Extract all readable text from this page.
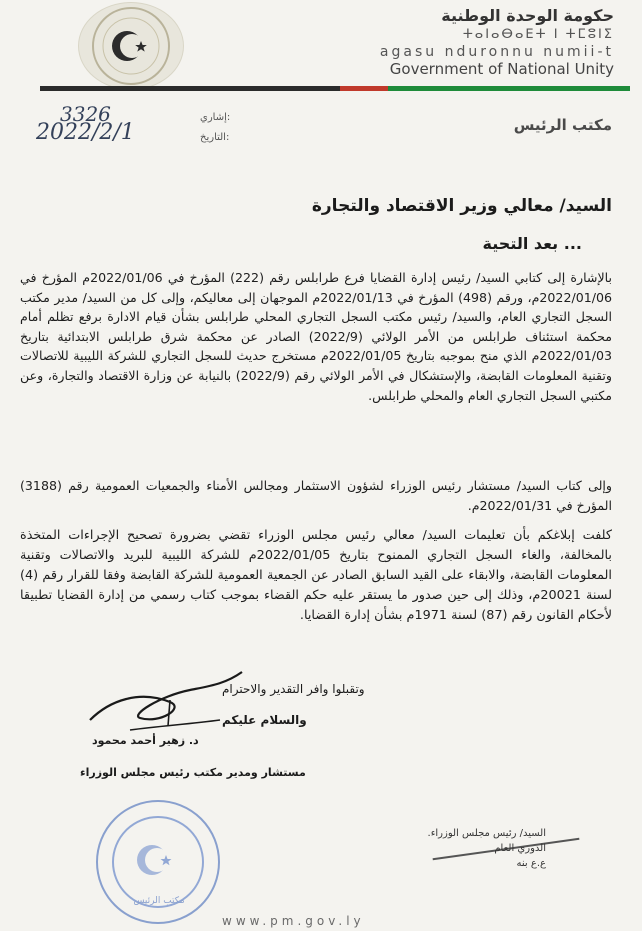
حكومة الوحدة الوطنية
ⵜⴰⵏⴰⴱⴰⴹⵜ ⵏ ⵜⵎⵓⵏⵉ
agasu nduronnu numii-t
Government of National Unity
مكتب الرئيس
3326
2022/2/1
إشاري:
التاريخ:
السيد/ معالي وزير الاقتصاد والتجارة
بعد التحية ...
بالإشارة إلى كتابي السيد/ رئيس إدارة القضايا فرع طرابلس رقم (222) المؤرخ في 2022/01/06م المؤرخ في 2022/01/06م، ورقم (498) المؤرخ في 2022/01/13م الموجهان إلى معاليكم، وإلى كل من السيد/ مدير مكتب السجل التجاري العام، والسيد/ رئيس مكتب السجل التجاري المحلي طرابلس بشأن قيام الادارة برفع تظلم أمام محكمة استئناف طرابلس من الأمر الولائي (2022/9) الصادر عن محكمة شرق طرابلس الابتدائية بتاريخ 2022/01/03م الذي منح بموجبه بتاريخ 2022/01/05م مستخرج حديث للسجل التجاري للشركة الليبية للاتصالات وتقنية المعلومات القابضة، والإستشكال في الأمر الولائي رقم (2022/9) بالنيابة عن وزارة الاقتصاد والتجارة، وعن مكتبي السجل التجاري العام والمحلي طرابلس.
وإلى كتاب السيد/ مستشار رئيس الوزراء لشؤون الاستثمار ومجالس الأمناء والجمعيات العمومية رقم (3188) المؤرخ في 2022/01/31م.
كلفت إبلاغكم بأن تعليمات السيد/ معالي رئيس مجلس الوزراء تقضي بضرورة تصحيح الإجراءات المتخذة بالمخالفة، والغاء السجل التجاري الممنوح بتاريخ 2022/01/05م للشركة الليبية للبريد والاتصالات وتقنية المعلومات القابضة، والابقاء على القيد السابق الصادر عن الجمعية العمومية للشركة القابضة وفقا للقرار رقم (4) لسنة 20021م، وذلك إلى حين صدور ما يستقر عليه حكم القضاء بموجب كتاب رسمي من إدارة القضايا تطبيقا لأحكام القانون رقم (87) لسنة 1971م بشأن إدارة القضايا.
وتقبلوا وافر التقدير والاحترام
والسلام عليكم
د. زهير أحمد محمود
مستشار ومدير مكتب رئيس مجلس الوزراء
مكتب الرئيس
السيد/ رئيس مجلس الوزراء.
الدوري العام
ع.ع بنه
www.pm.gov.ly
